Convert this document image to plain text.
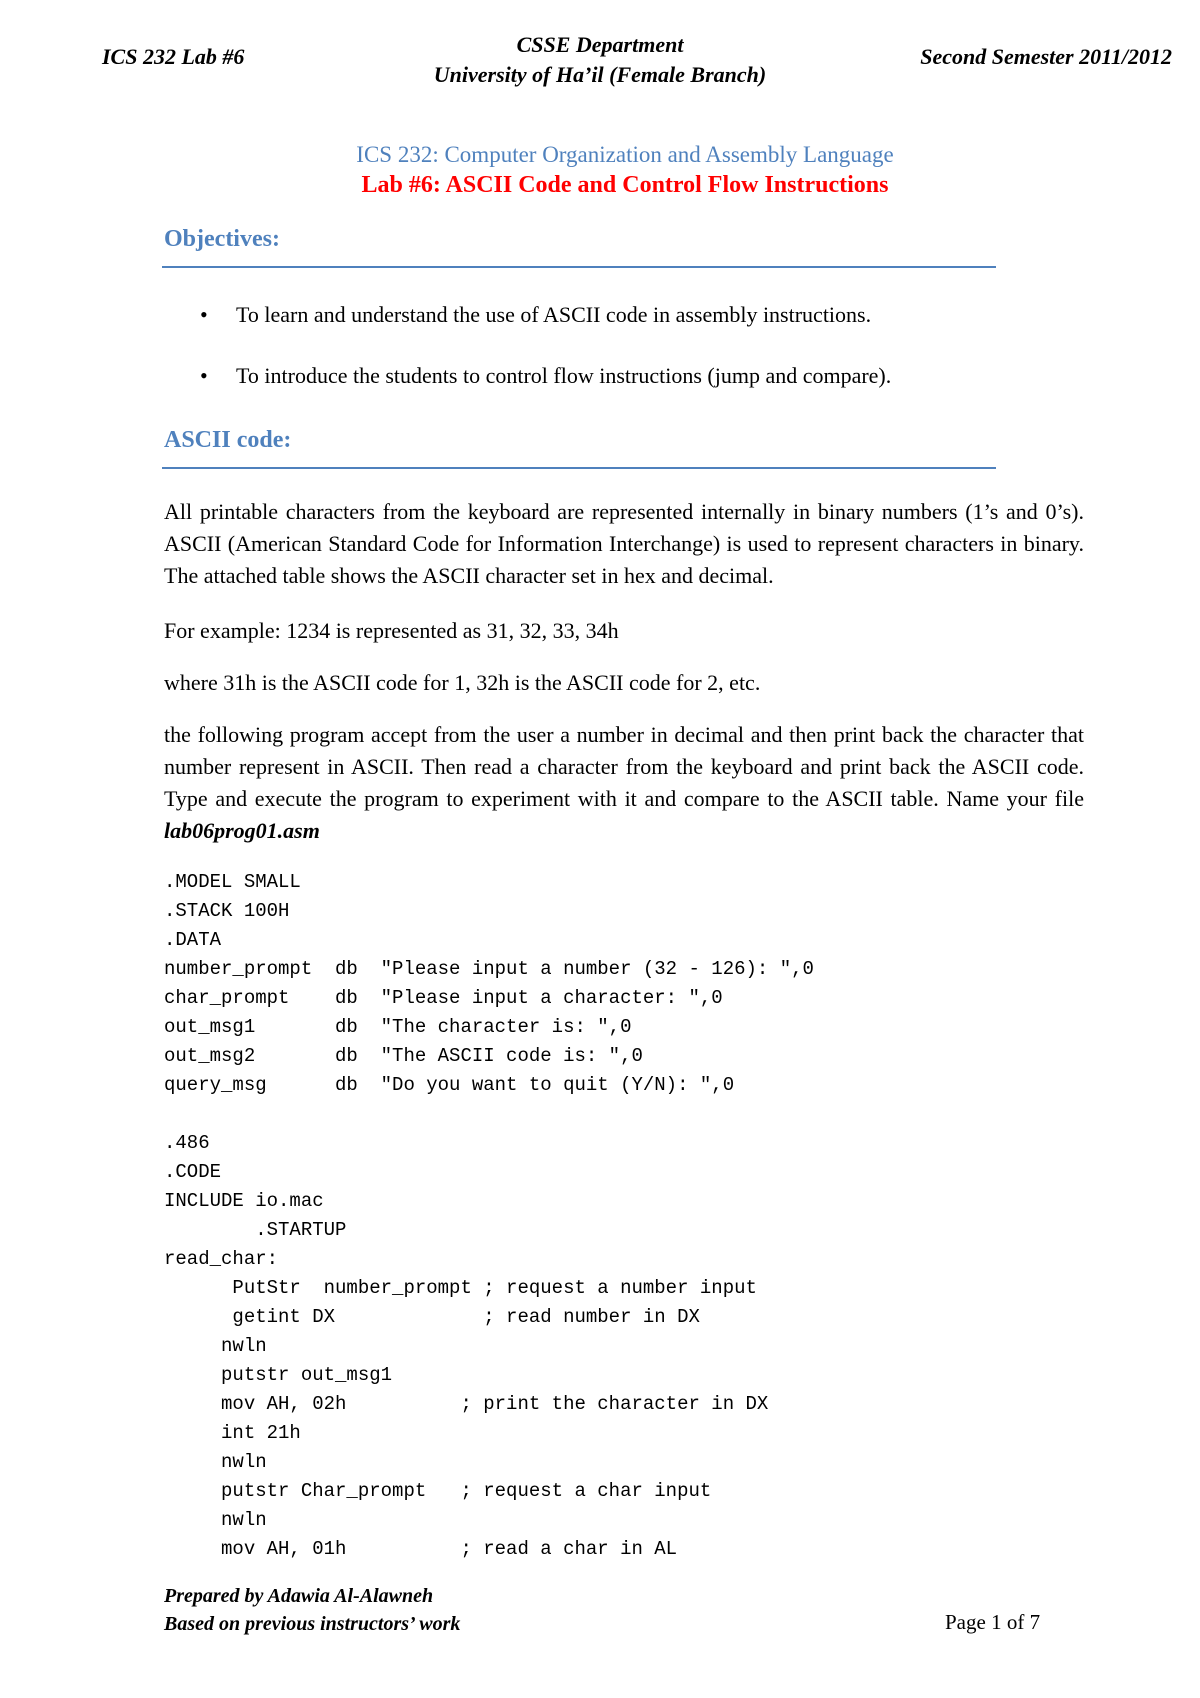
ICS 232 Lab #6	CSSE Department
University of Ha’il (Female Branch)
Second Semester 2011/2012
ICS 232: Computer Organization and Assembly Language
Lab #6: ASCII Code and Control Flow Instructions
Objectives:
• To learn and understand the use of ASCII code in assembly instructions.
• To introduce the students to control flow instructions (jump and compare).
ASCII code:
All printable characters from the keyboard are represented internally in binary numbers (1’s and 0’s). ASCII (American Standard Code for Information Interchange) is used to represent characters in binary. The attached table shows the ASCII character set in hex and decimal.
For example: 1234 is represented as 31, 32, 33, 34h
where 31h is the ASCII code for 1, 32h is the ASCII code for 2, etc.
the following program accept from the user a number in decimal and then print back the character that number represent in ASCII. Then read a character from the keyboard and print back the ASCII code. Type and execute the program to experiment with it and compare to the ASCII table. Name your file lab06prog01.asm
.MODEL SMALL
.STACK 100H
.DATA
number_prompt  db  "Please input a number (32 - 126): ",0
char_prompt    db  "Please input a character: ",0
out_msg1       db  "The character is: ",0
out_msg2       db  "The ASCII code is: ",0
query_msg      db  "Do you want to quit (Y/N): ",0
.486
.CODE
INCLUDE io.mac
.STARTUP
read_char:
PutStr  number_prompt ; request a number input
getint DX             ; read number in DX
nwln
putstr out_msg1
mov AH, 02h          ; print the character in DX
int 21h
nwln
putstr Char_prompt   ; request a char input
nwln
mov AH, 01h          ; read a char in AL
Prepared by Adawia Al-Alawneh
Based on previous instructors’ work	Page 1 of 7
